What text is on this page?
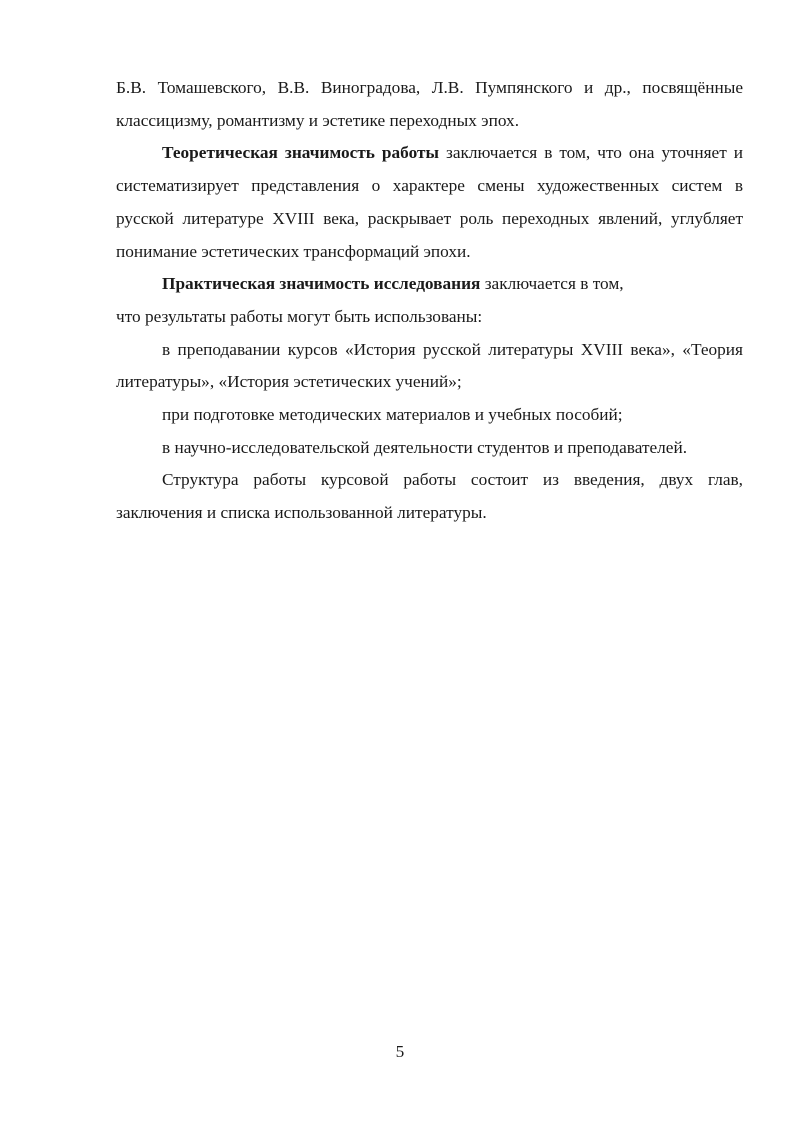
Б.В. Томашевского, В.В. Виноградова, Л.В. Пумпянского и др., посвящённые классицизму, романтизму и эстетике переходных эпох.

Теоретическая значимость работы заключается в том, что она уточняет и систематизирует представления о характере смены художественных систем в русской литературе XVIII века, раскрывает роль переходных явлений, углубляет понимание эстетических трансформаций эпохи.

Практическая значимость исследования заключается в том,

что результаты работы могут быть использованы:

в преподавании курсов «История русской литературы XVIII века», «Теория литературы», «История эстетических учений»;

при подготовке методических материалов и учебных пособий;

в научно-исследовательской деятельности студентов и преподавателей.

Структура работы курсовой работы состоит из введения, двух глав, заключения и списка использованной литературы.

5
